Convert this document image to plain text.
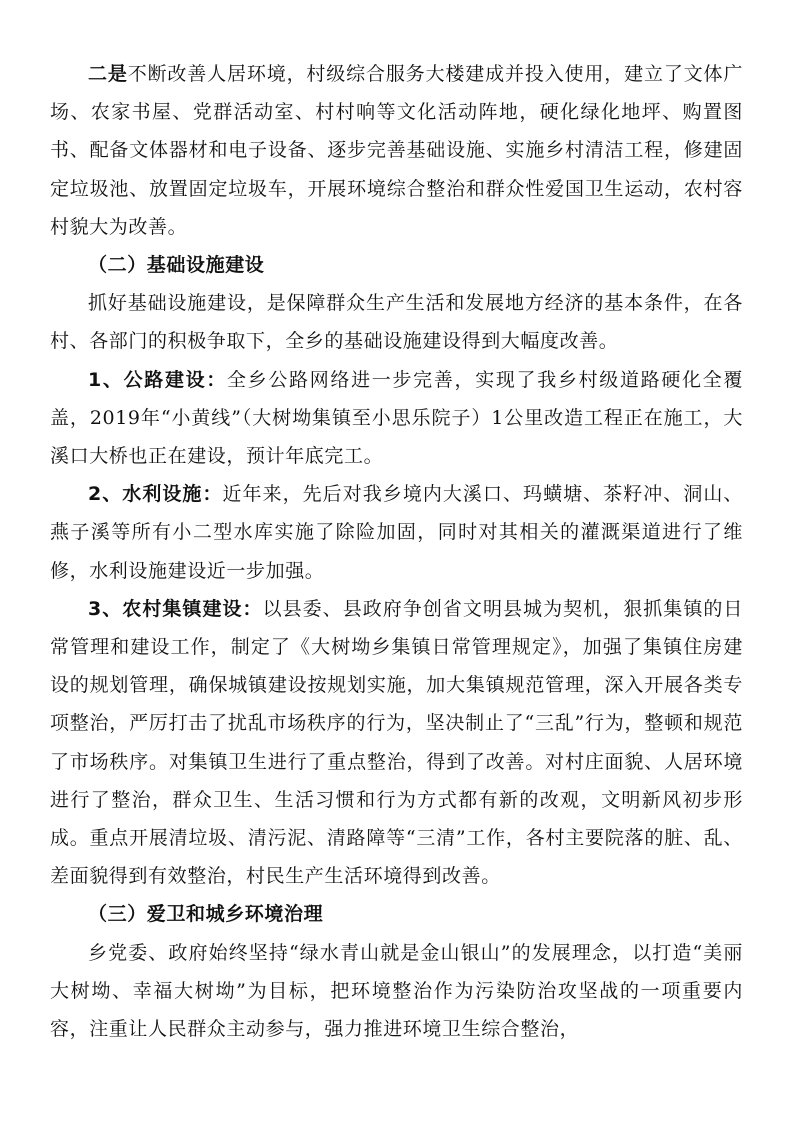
二是不断改善人居环境，村级综合服务大楼建成并投入使用，建立了文体广场、农家书屋、党群活动室、村村响等文化活动阵地，硬化绿化地坪、购置图书、配备文体器材和电子设备、逐步完善基础设施、实施乡村清洁工程，修建固定垃圾池、放置固定垃圾车，开展环境综合整治和群众性爱国卫生运动，农村容村貌大为改善。

（二）基础设施建设

抓好基础设施建设，是保障群众生产生活和发展地方经济的基本条件，在各村、各部门的积极争取下，全乡的基础设施建设得到大幅度改善。

1、公路建设：全乡公路网络进一步完善，实现了我乡村级道路硬化全覆盖，2019年“小黄线”（大树坳集镇至小思乐院子）1公里改造工程正在施工，大溪口大桥也正在建设，预计年底完工。

2、水利设施：近年来，先后对我乡境内大溪口、玛蟥塘、茶籽冲、洞山、燕子溪等所有小二型水库实施了除险加固，同时对其相关的灌溉渠道进行了维修，水利设施建设近一步加强。

3、农村集镇建设：以县委、县政府争创省文明县城为契机，狠抓集镇的日常管理和建设工作，制定了《大树坳乡集镇日常管理规定》，加强了集镇住房建设的规划管理，确保城镇建设按规划实施，加大集镇规范管理，深入开展各类专项整治，严厉打击了扰乱市场秩序的行为，坚决制止了“三乱”行为，整顿和规范了市场秩序。对集镇卫生进行了重点整治，得到了改善。对村庄面貌、人居环境进行了整治，群众卫生、生活习惯和行为方式都有新的改观，文明新风初步形成。重点开展清垃圾、清污泥、清路障等“三清”工作，各村主要院落的脏、乱、差面貌得到有效整治，村民生产生活环境得到改善。

（三）爱卫和城乡环境治理

乡党委、政府始终坚持“绿水青山就是金山银山”的发展理念，以打造“美丽大树坳、幸福大树坳”为目标，把环境整治作为污染防治攻坚战的一项重要内容，注重让人民群众主动参与，强力推进环境卫生综合整治，
